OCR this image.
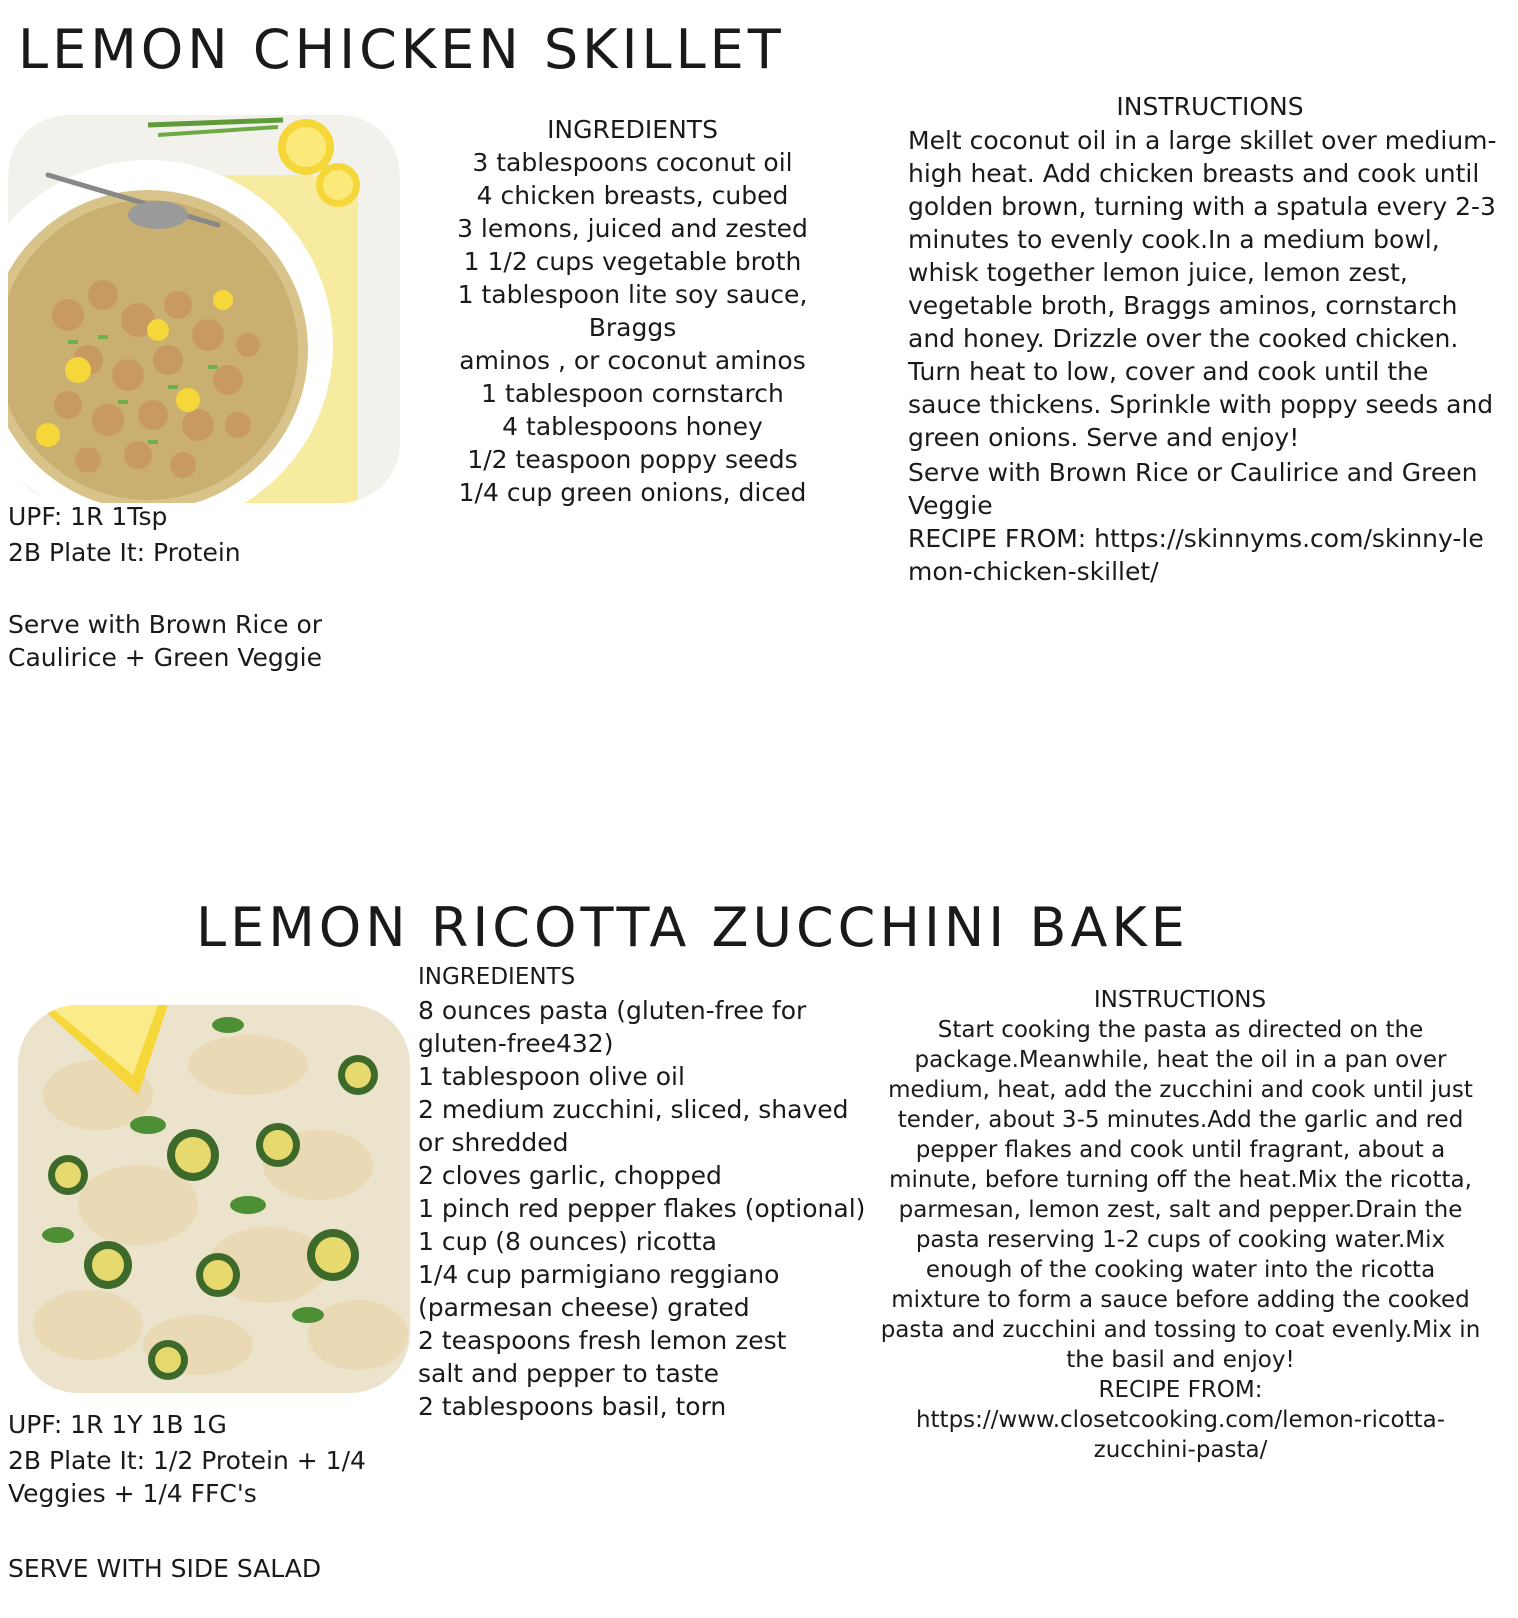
LEMON CHICKEN SKILLET
INGREDIENTS
3 tablespoons coconut oil
4 chicken breasts, cubed
3 lemons, juiced and zested
1 1/2 cups vegetable broth
1 tablespoon lite soy sauce, Braggs
aminos , or coconut aminos
1 tablespoon cornstarch
4 tablespoons honey
1/2 teaspoon poppy seeds
1/4 cup green onions, diced
INSTRUCTIONS
Melt coconut oil in a large skillet over medium-high heat. Add chicken breasts and cook until golden brown, turning with a spatula every 2-3 minutes to evenly cook.In a medium bowl, whisk together lemon juice, lemon zest, vegetable broth, Braggs aminos, cornstarch and honey. Drizzle over the cooked chicken. Turn heat to low, cover and cook until the sauce thickens. Sprinkle with poppy seeds and green onions. Serve and enjoy!
Serve with Brown Rice or Caulirice and Green Veggie
RECIPE FROM: https://skinnyms.com/skinny-lemon-chicken-skillet/
UPF: 1R 1Tsp
2B Plate It: Protein
Serve with Brown Rice or Caulirice + Green Veggie
LEMON RICOTTA ZUCCHINI BAKE
INGREDIENTS
8 ounces pasta (gluten-free for gluten-free432)
1 tablespoon olive oil
2 medium zucchini, sliced, shaved or shredded
2 cloves garlic, chopped
1 pinch red pepper flakes (optional)
1 cup (8 ounces) ricotta
1/4 cup parmigiano reggiano (parmesan cheese) grated
2 teaspoons fresh lemon zest
salt and pepper to taste
2 tablespoons basil, torn
INSTRUCTIONS
Start cooking the pasta as directed on the package.Meanwhile, heat the oil in a pan over medium, heat, add the zucchini and cook until just tender, about 3-5 minutes.Add the garlic and red pepper flakes and cook until fragrant, about a minute, before turning off the heat.Mix the ricotta, parmesan, lemon zest, salt and pepper.Drain the pasta reserving 1-2 cups of cooking water.Mix enough of the cooking water into the ricotta mixture to form a sauce before adding the cooked pasta and zucchini and tossing to coat evenly.Mix in the basil and enjoy!
RECIPE FROM: https://www.closetcooking.com/lemon-ricotta-zucchini-pasta/
UPF: 1R 1Y 1B 1G
2B Plate It: 1/2 Protein + 1/4 Veggies + 1/4 FFC's
SERVE WITH SIDE SALAD
